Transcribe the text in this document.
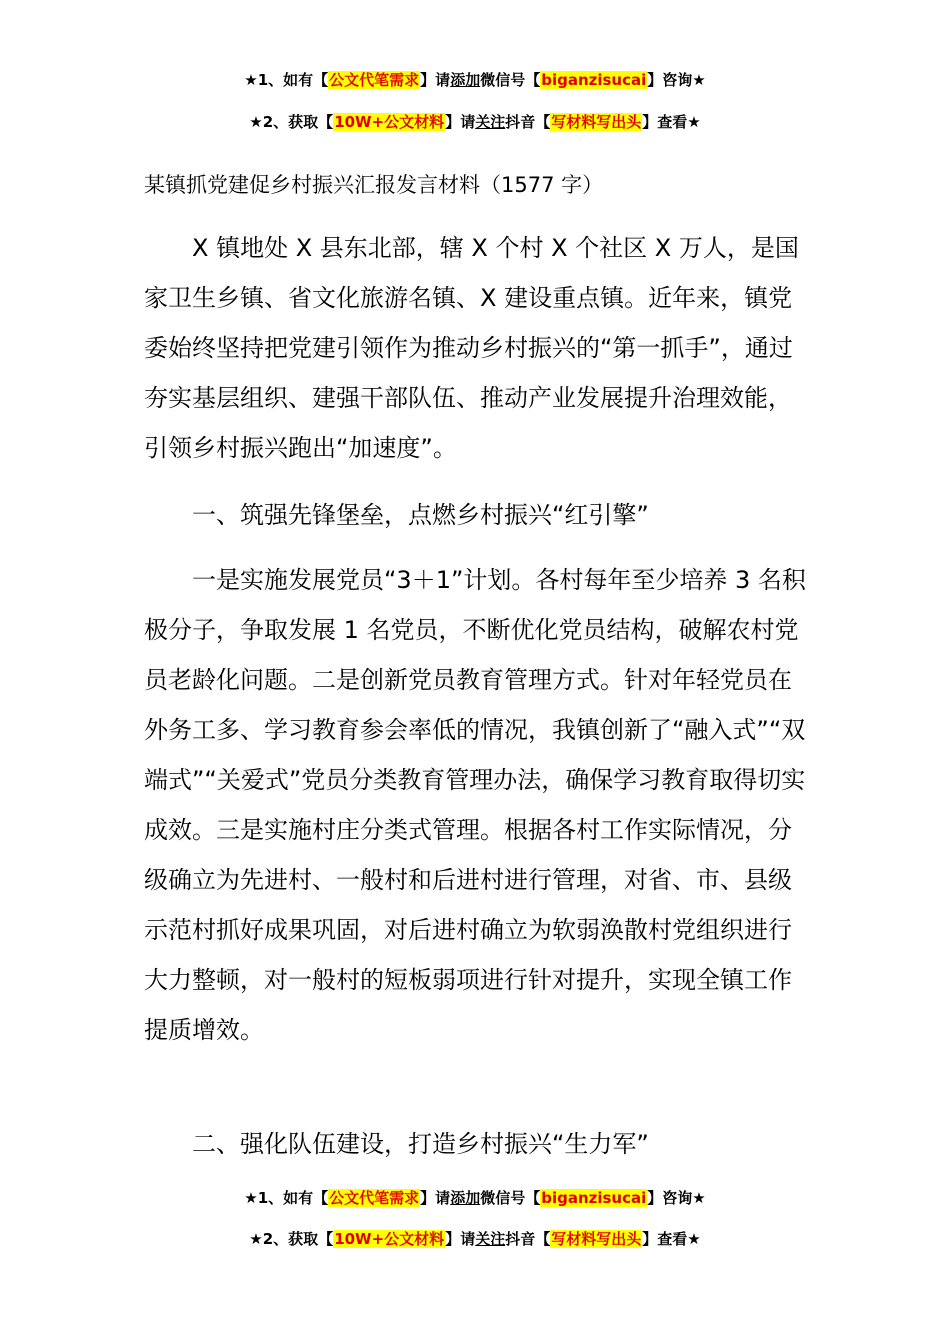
★1、如有【公文代笔需求】请添加微信号【biganzisucai】咨询★
★2、获取【10W+公文材料】请关注抖音【写材料写出头】查看★
某镇抓党建促乡村振兴汇报发言材料（1577 字）

X 镇地处 X 县东北部，辖 X 个村 X 个社区 X 万人，是国家卫生乡镇、省文化旅游名镇、X 建设重点镇。近年来，镇党委始终坚持把党建引领作为推动乡村振兴的“第一抓手”，通过夯实基层组织、建强干部队伍、推动产业发展提升治理效能，引领乡村振兴跑出“加速度”。

一、筑强先锋堡垒，点燃乡村振兴“红引擎”

一是实施发展党员“3＋1”计划。各村每年至少培养 3 名积极分子，争取发展 1 名党员，不断优化党员结构，破解农村党员老龄化问题。二是创新党员教育管理方式。针对年轻党员在外务工多、学习教育参会率低的情况，我镇创新了“融入式”“双端式”“关爱式”党员分类教育管理办法，确保学习教育取得切实成效。三是实施村庄分类式管理。根据各村工作实际情况，分级确立为先进村、一般村和后进村进行管理，对省、市、县级示范村抓好成果巩固，对后进村确立为软弱涣散村党组织进行大力整顿，对一般村的短板弱项进行针对提升，实现全镇工作提质增效。

二、强化队伍建设，打造乡村振兴“生力军”

★1、如有【公文代笔需求】请添加微信号【biganzisucai】咨询★
★2、获取【10W+公文材料】请关注抖音【写材料写出头】查看★
